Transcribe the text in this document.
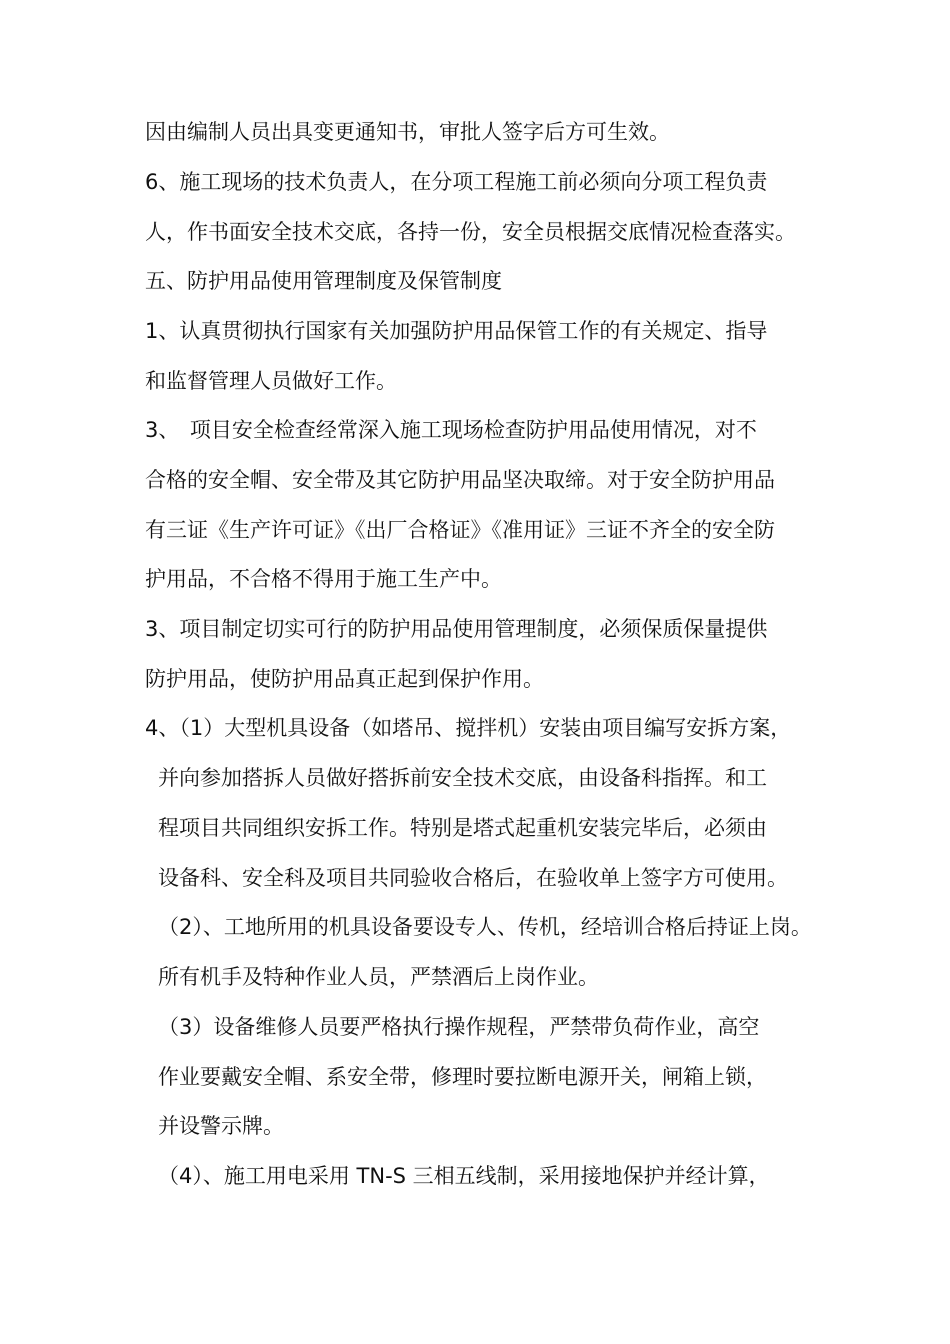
因由编制人员出具变更通知书，审批人签字后方可生效。
6、施工现场的技术负责人，在分项工程施工前必须向分项工程负责
人，作书面安全技术交底，各持一份，安全员根据交底情况检查落实。
五、防护用品使用管理制度及保管制度
1、认真贯彻执行国家有关加强防护用品保管工作的有关规定、指导
和监督管理人员做好工作。
3、　项目安全检查经常深入施工现场检查防护用品使用情况，对不
合格的安全帽、安全带及其它防护用品坚决取缔。对于安全防护用品
有三证《生产许可证》《出厂合格证》《准用证》三证不齐全的安全防
护用品，不合格不得用于施工生产中。
3、项目制定切实可行的防护用品使用管理制度，必须保质保量提供
防护用品，使防护用品真正起到保护作用。
4、（1）大型机具设备（如塔吊、搅拌机）安装由项目编写安拆方案，
并向参加搭拆人员做好搭拆前安全技术交底，由设备科指挥。和工
程项目共同组织安拆工作。特别是塔式起重机安装完毕后，必须由
设备科、安全科及项目共同验收合格后，在验收单上签字方可使用。
（2）、工地所用的机具设备要设专人、传机，经培训合格后持证上岗。
所有机手及特种作业人员，严禁酒后上岗作业。
（3）设备维修人员要严格执行操作规程，严禁带负荷作业，高空
作业要戴安全帽、系安全带，修理时要拉断电源开关，闸箱上锁，
并设警示牌。
（4）、施工用电采用 TN-S 三相五线制，采用接地保护并经计算，
